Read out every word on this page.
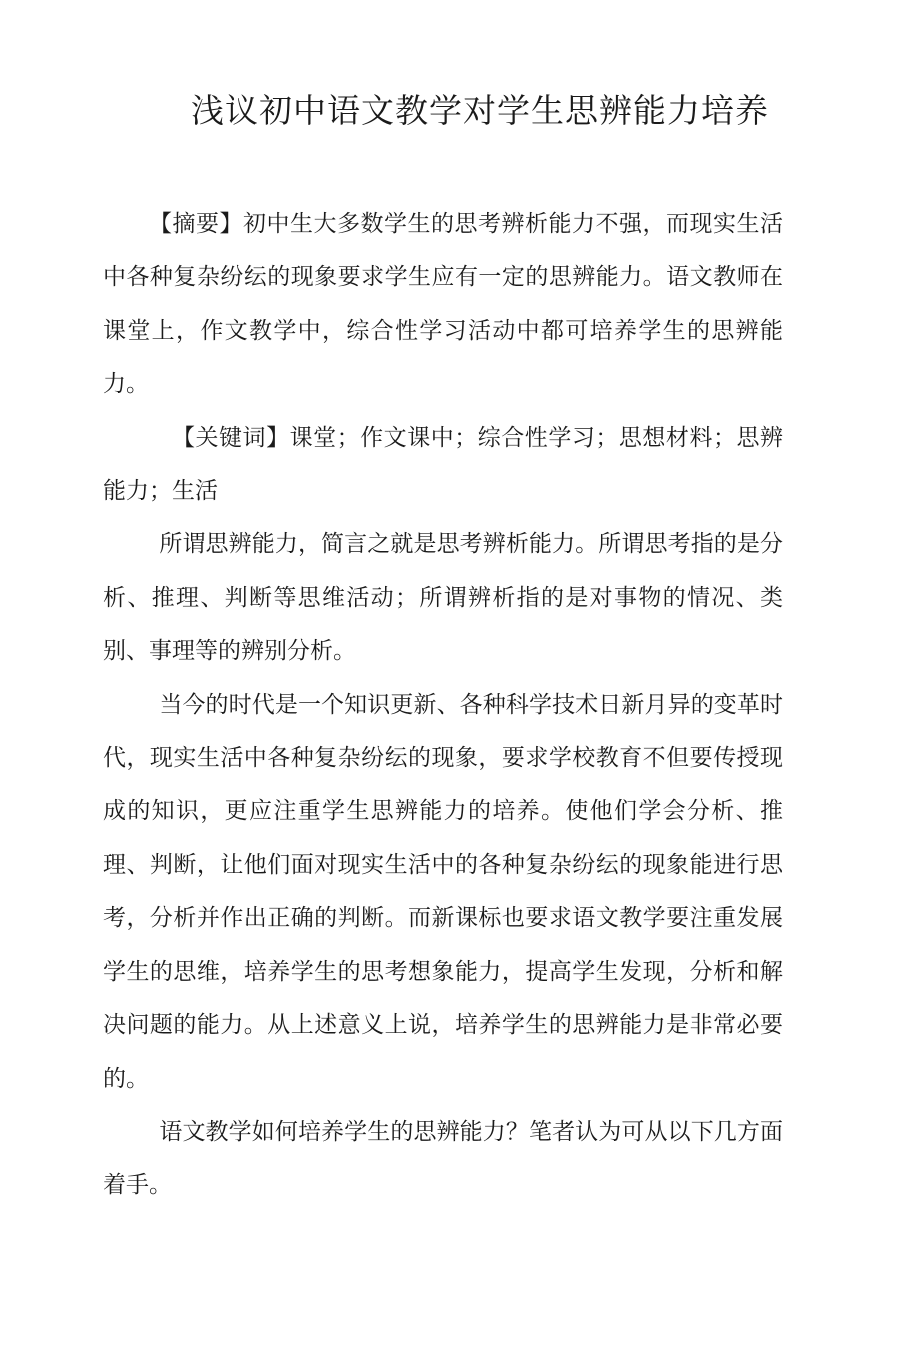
浅议初中语文教学对学生思辨能力培养

【摘要】初中生大多数学生的思考辨析能力不强，而现实生活中各种复杂纷纭的现象要求学生应有一定的思辨能力。语文教师在课堂上，作文教学中，综合性学习活动中都可培养学生的思辨能力。

【关键词】课堂；作文课中；综合性学习；思想材料；思辨能力；生活

所谓思辨能力，简言之就是思考辨析能力。所谓思考指的是分析、推理、判断等思维活动；所谓辨析指的是对事物的情况、类别、事理等的辨别分析。

当今的时代是一个知识更新、各种科学技术日新月异的变革时代，现实生活中各种复杂纷纭的现象，要求学校教育不但要传授现成的知识，更应注重学生思辨能力的培养。使他们学会分析、推理、判断，让他们面对现实生活中的各种复杂纷纭的现象能进行思考，分析并作出正确的判断。而新课标也要求语文教学要注重发展学生的思维，培养学生的思考想象能力，提高学生发现，分析和解决问题的能力。从上述意义上说，培养学生的思辨能力是非常必要的。

语文教学如何培养学生的思辨能力？笔者认为可从以下几方面着手。
